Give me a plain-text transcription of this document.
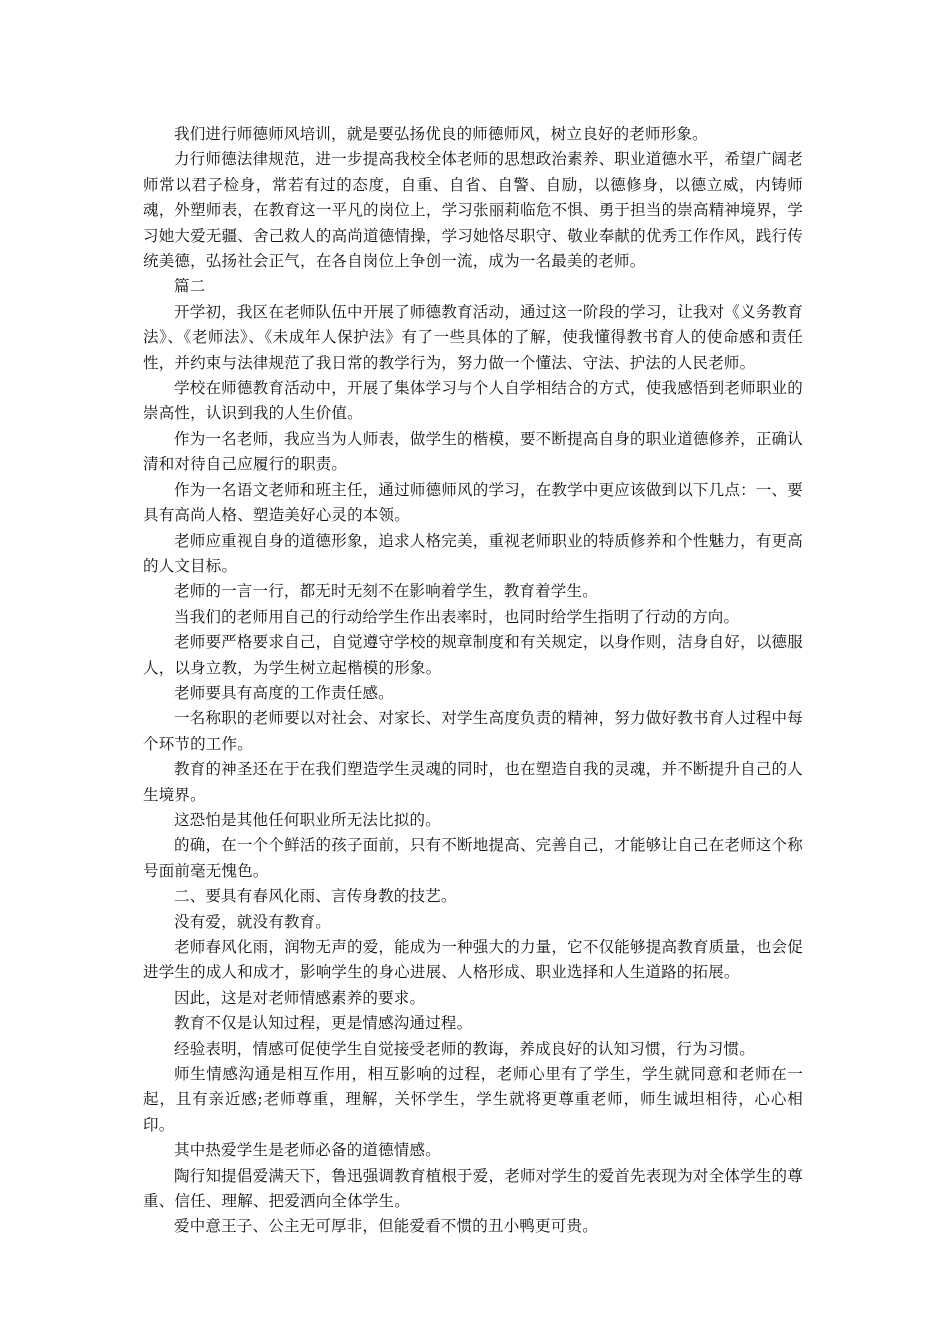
我们进行师德师风培训，就是要弘扬优良的师德师风，树立良好的老师形象。

力行师德法律规范，进一步提高我校全体老师的思想政治素养、职业道德水平，希望广阔老师常以君子检身，常若有过的态度，自重、自省、自警、自励，以德修身，以德立威，内铸师魂，外塑师表，在教育这一平凡的岗位上，学习张丽莉临危不惧、勇于担当的崇高精神境界，学习她大爱无疆、舍己救人的高尚道德情操，学习她恪尽职守、敬业奉献的优秀工作作风，践行传统美德，弘扬社会正气，在各自岗位上争创一流，成为一名最美的老师。

篇二

开学初，我区在老师队伍中开展了师德教育活动，通过这一阶段的学习，让我对《义务教育法》、《老师法》、《未成年人保护法》有了一些具体的了解，使我懂得教书育人的使命感和责任性，并约束与法律规范了我日常的教学行为，努力做一个懂法、守法、护法的人民老师。

学校在师德教育活动中，开展了集体学习与个人自学相结合的方式，使我感悟到老师职业的崇高性，认识到我的人生价值。

作为一名老师，我应当为人师表，做学生的楷模，要不断提高自身的职业道德修养，正确认清和对待自己应履行的职责。

作为一名语文老师和班主任，通过师德师风的学习，在教学中更应该做到以下几点：一、要具有高尚人格、塑造美好心灵的本领。

老师应重视自身的道德形象，追求人格完美，重视老师职业的特质修养和个性魅力，有更高的人文目标。

老师的一言一行，都无时无刻不在影响着学生，教育着学生。

当我们的老师用自己的行动给学生作出表率时，也同时给学生指明了行动的方向。

老师要严格要求自己，自觉遵守学校的规章制度和有关规定，以身作则，洁身自好，以德服人，以身立教，为学生树立起楷模的形象。

老师要具有高度的工作责任感。

一名称职的老师要以对社会、对家长、对学生高度负责的精神，努力做好教书育人过程中每个环节的工作。

教育的神圣还在于在我们塑造学生灵魂的同时，也在塑造自我的灵魂，并不断提升自己的人生境界。

这恐怕是其他任何职业所无法比拟的。

的确，在一个个鲜活的孩子面前，只有不断地提高、完善自己，才能够让自己在老师这个称号面前毫无愧色。

二、要具有春风化雨、言传身教的技艺。

没有爱，就没有教育。

老师春风化雨，润物无声的爱，能成为一种强大的力量，它不仅能够提高教育质量，也会促进学生的成人和成才，影响学生的身心进展、人格形成、职业选择和人生道路的拓展。

因此，这是对老师情感素养的要求。

教育不仅是认知过程，更是情感沟通过程。

经验表明，情感可促使学生自觉接受老师的教诲，养成良好的认知习惯，行为习惯。

师生情感沟通是相互作用，相互影响的过程，老师心里有了学生，学生就同意和老师在一起，且有亲近感;老师尊重，理解，关怀学生，学生就将更尊重老师，师生诚坦相待，心心相印。

其中热爱学生是老师必备的道德情感。

陶行知提倡爱满天下，鲁迅强调教育植根于爱，老师对学生的爱首先表现为对全体学生的尊重、信任、理解、把爱洒向全体学生。

爱中意王子、公主无可厚非，但能爱看不惯的丑小鸭更可贵。
